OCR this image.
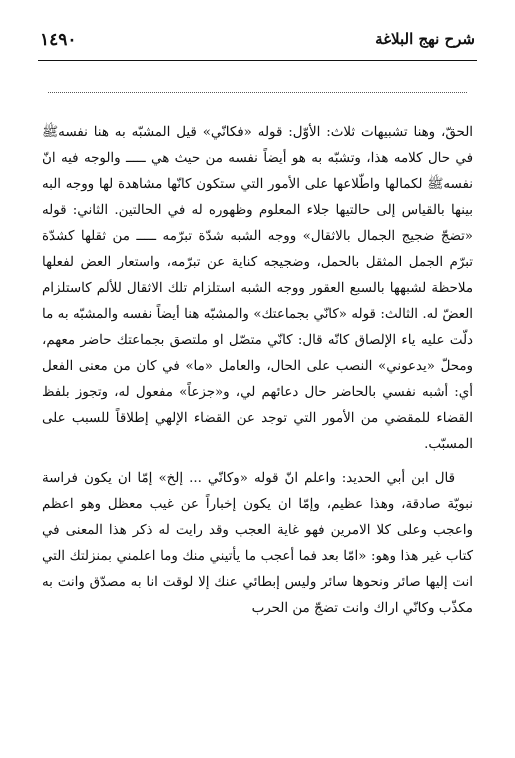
شرح نهج البلاغة
١٤٩٠

الحقّ، وهنا تشبيهات ثلاث: الأوّل: قوله «فكانّي» قيل المشبّه به هنا نفسهﷺ في حال كلامه هذا، وتشبّه به هو أيضاً نفسه من حيث هي ـــــ والوجه فيه انّ نفسهﷺ لكمالها واطّلاعها على الأمور التي ستكون كانّها مشاهدة لها ووجه البه بينها بالقياس إلى حالتيها جلاء المعلوم وظهوره له في الحالتين. الثاني: قوله «تضجّ ضجيج الجمال بالاثقال» ووجه الشبه شدّة تبرّمه ـــــ من ثقلها كشدّة تبرّم الجمل المثقل بالحمل، وضجيجه كناية عن تبرّمه، واستعار العض لفعلها ملاحظة لشبهها بالسبع العقور ووجه الشبه استلزام تلك الاثقال للألم كاستلزام العضّ له. الثالث: قوله «كانّي بجماعتك» والمشبّه هنا أيضاً نفسه والمشبّه به ما دلّت عليه ياء الإلصاق كانّه قال: كانّي متصّل او ملتصق بجماعتك حاضر معهم، ومحلّ «يدعوني» النصب على الحال، والعامل «ما» في كان من معنى الفعل أي: أشبه نفسي بالحاضر حال دعائهم لي، و«جزعاً» مفعول له، وتجوز بلفظ القضاء للمقضي من الأمور التي توجد عن القضاء الإلهي إطلاقاً للسبب على المسبّب.

قال ابن أبي الحديد: واعلم انّ قوله «وكانّي ... إلخ» إمّا ان يكون فراسة نبويّة صادقة، وهذا عظيم، وإمّا ان يكون إخباراً عن غيب معظل وهو اعظم واعجب وعلى كلا الامرين فهو غاية العجب وقد رايت له ذكر هذا المعنى في كتاب غير هذا وهو: «امّا بعد فما أعجب ما يأتيني منك وما اعلمني بمنزلتك التي انت إليها صائر ونحوها سائر وليس إبطائي عنك إلا لوقت انا به مصدّق وانت به مكذّب وكانّي اراك وانت تضجّ من الحرب
